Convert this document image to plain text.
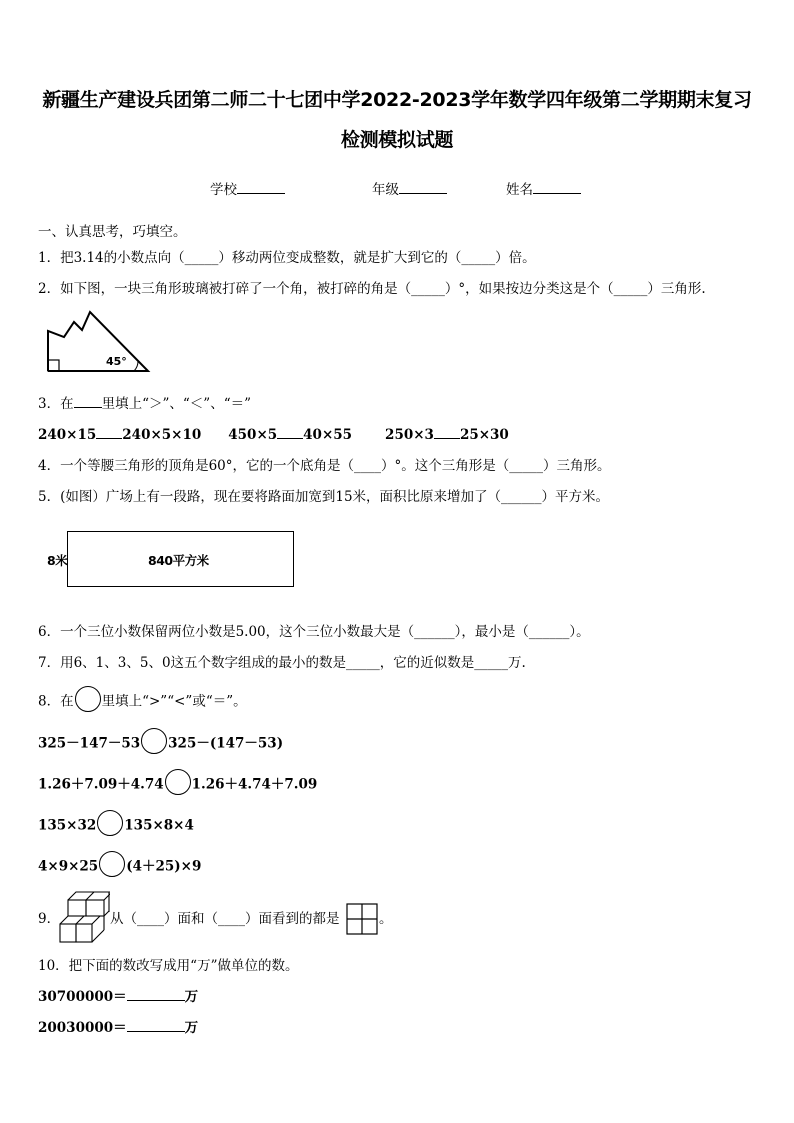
新疆生产建设兵团第二师二十七团中学2022-2023学年数学四年级第二学期期末复习
检测模拟试题
学校	年级	姓名
一、认真思考，巧填空。
1．把3.14的小数点向（_____）移动两位变成整数，就是扩大到它的（_____）倍。
2．如下图，一块三角形玻璃被打碎了一个角，被打碎的角是（_____）°，如果按边分类这是个（_____）三角形.
45°
3．在 里填上“＞”、“＜”、“＝”
240×15 240×5×10 450×5 40×55 250×3 25×30
4．一个等腰三角形的顶角是60°，它的一个底角是（____）°。这个三角形是（_____）三角形。
5．(如图）广场上有一段路，现在要将路面加宽到15米，面积比原来增加了（______）平方米。
8米	840平方米
6．一个三位小数保留两位小数是5.00，这个三位小数最大是（______），最小是（______）。
7．用6、1、3、5、0这五个数字组成的最小的数是_____，它的近似数是_____万.
8．在 里填上“>”“<”或“＝”。
325－147－53 325－(147－53)
1.26＋7.09＋4.74 1.26＋4.74＋7.09
135×32 135×8×4
4×9×25 (4＋25)×9
9．	从（____）面和（____）面看到的都是	。
10．把下面的数改写成用“万”做单位的数。
30700000＝	万
20030000＝	万
